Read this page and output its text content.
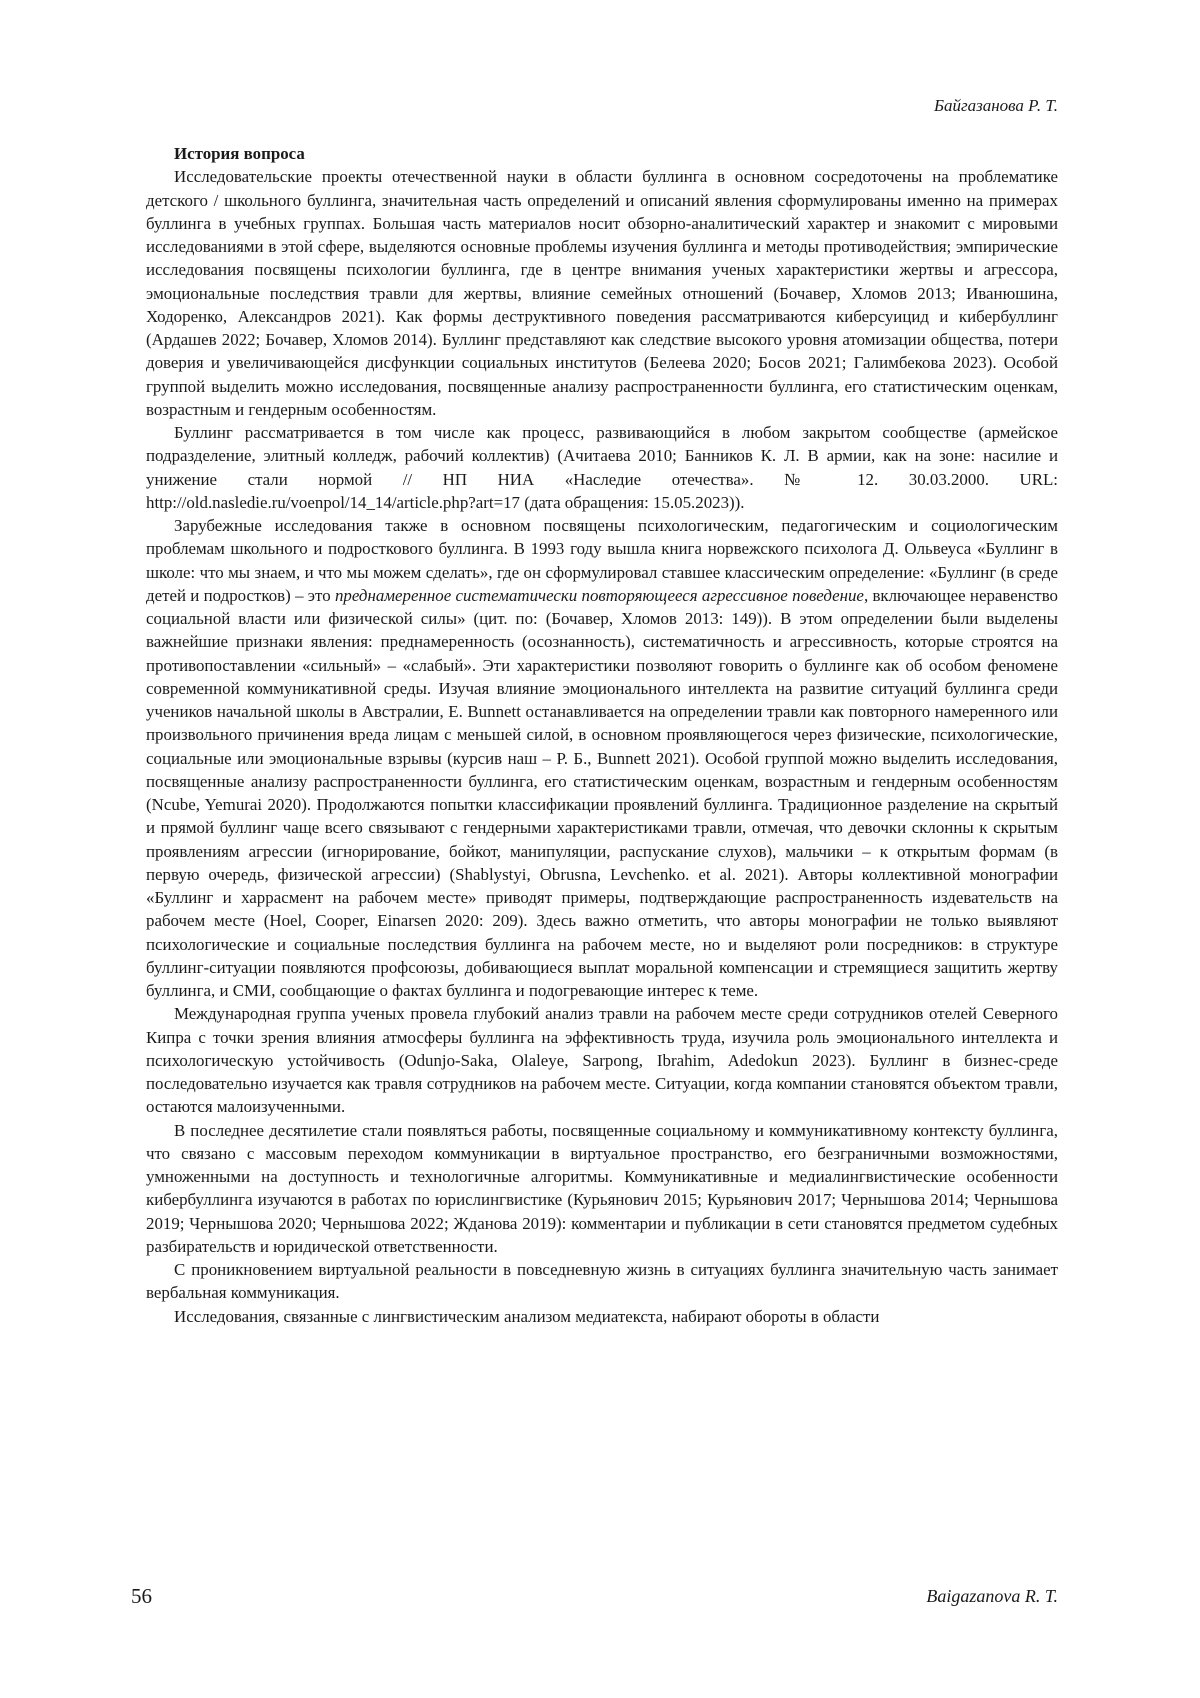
Байгазанова Р. Т.
История вопроса

Исследовательские проекты отечественной науки в области буллинга в основном сосредоточены на проблематике детского / школьного буллинга, значительная часть определений и описаний явления сформулированы именно на примерах буллинга в учебных группах. Большая часть материалов носит обзорно-аналитический характер и знакомит с мировыми исследованиями в этой сфере, выделяются основные проблемы изучения буллинга и методы противодействия; эмпирические исследования посвящены психологии буллинга, где в центре внимания ученых характеристики жертвы и агрессора, эмоциональные последствия травли для жертвы, влияние семейных отношений (Бочавер, Хломов 2013; Иванюшина, Ходоренко, Александров 2021). Как формы деструктивного поведения рассматриваются киберсуицид и кибербуллинг (Ардашев 2022; Бочавер, Хломов 2014). Буллинг представляют как следствие высокого уровня атомизации общества, потери доверия и увеличивающейся дисфункции социальных институтов (Белеева 2020; Босов 2021; Галимбекова 2023). Особой группой выделить можно исследования, посвященные анализу распространенности буллинга, его статистическим оценкам, возрастным и гендерным особенностям.

Буллинг рассматривается в том числе как процесс, развивающийся в любом закрытом сообществе (армейское подразделение, элитный колледж, рабочий коллектив) (Ачитаева 2010; Банников К. Л. В армии, как на зоне: насилие и унижение стали нормой // НП НИА «Наследие отечества». № 12. 30.03.2000. URL: http://old.nasledie.ru/voenpol/14_14/article.php?art=17 (дата обращения: 15.05.2023)).

Зарубежные исследования также в основном посвящены психологическим, педагогическим и социологическим проблемам школьного и подросткового буллинга. В 1993 году вышла книга норвежского психолога Д. Ольвеуса «Буллинг в школе: что мы знаем, и что мы можем сделать», где он сформулировал ставшее классическим определение: «Буллинг (в среде детей и подростков) – это преднамеренное систематически повторяющееся агрессивное поведение, включающее неравенство социальной власти или физической силы» (цит. по: (Бочавер, Хломов 2013: 149)). В этом определении были выделены важнейшие признаки явления: преднамеренность (осознанность), систематичность и агрессивность, которые строятся на противопоставлении «сильный» – «слабый». Эти характеристики позволяют говорить о буллинге как об особом феномене современной коммуникативной среды. Изучая влияние эмоционального интеллекта на развитие ситуаций буллинга среди учеников начальной школы в Австралии, E. Bunnett останавливается на определении травли как повторного намеренного или произвольного причинения вреда лицам с меньшей силой, в основном проявляющегося через физические, психологические, социальные или эмоциональные взрывы (курсив наш – Р. Б., Bunnett 2021). Особой группой можно выделить исследования, посвященные анализу распространенности буллинга, его статистическим оценкам, возрастным и гендерным особенностям (Ncube, Yemurai 2020). Продолжаются попытки классификации проявлений буллинга. Традиционное разделение на скрытый и прямой буллинг чаще всего связывают с гендерными характеристиками травли, отмечая, что девочки склонны к скрытым проявлениям агрессии (игнорирование, бойкот, манипуляции, распускание слухов), мальчики – к открытым формам (в первую очередь, физической агрессии) (Shablystyi, Obrusna, Levchenko. et al. 2021). Авторы коллективной монографии «Буллинг и харрасмент на рабочем месте» приводят примеры, подтверждающие распространенность издевательств на рабочем месте (Hoel, Cooper, Einarsen 2020: 209). Здесь важно отметить, что авторы монографии не только выявляют психологические и социальные последствия буллинга на рабочем месте, но и выделяют роли посредников: в структуре буллинг-ситуации появляются профсоюзы, добивающиеся выплат моральной компенсации и стремящиеся защитить жертву буллинга, и СМИ, сообщающие о фактах буллинга и подогревающие интерес к теме.

Международная группа ученых провела глубокий анализ травли на рабочем месте среди сотрудников отелей Северного Кипра с точки зрения влияния атмосферы буллинга на эффективность труда, изучила роль эмоционального интеллекта и психологическую устойчивость (Odunjo-Saka, Olaleye, Sarpong, Ibrahim, Adedokun 2023). Буллинг в бизнес-среде последовательно изучается как травля сотрудников на рабочем месте. Ситуации, когда компании становятся объектом травли, остаются малоизученными.

В последнее десятилетие стали появляться работы, посвященные социальному и коммуникативному контексту буллинга, что связано с массовым переходом коммуникации в виртуальное пространство, его безграничными возможностями, умноженными на доступность и технологичные алгоритмы. Коммуникативные и медиалингвистические особенности кибербуллинга изучаются в работах по юрислингвистике (Курьянович 2015; Курьянович 2017; Чернышова 2014; Чернышова 2019; Чернышова 2020; Чернышова 2022; Жданова 2019): комментарии и публикации в сети становятся предметом судебных разбирательств и юридической ответственности.

С проникновением виртуальной реальности в повседневную жизнь в ситуациях буллинга значительную часть занимает вербальная коммуникация.

Исследования, связанные с лингвистическим анализом медиатекста, набирают обороты в области

56	Baigazanova R. T.
